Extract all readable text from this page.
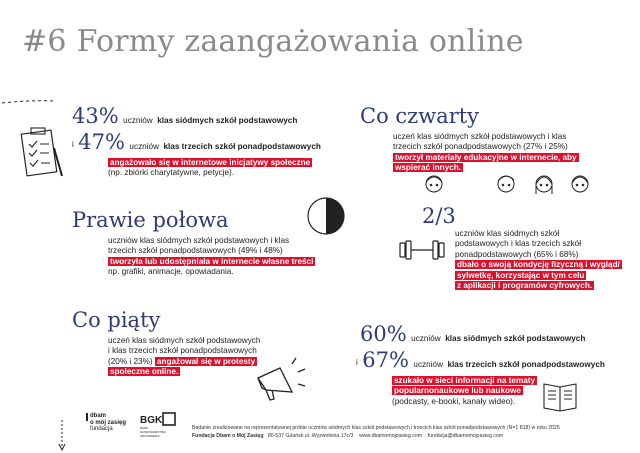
#6 Formy zaangażowania online
43% uczniów klas siódmych szkół podstawowych
i 47% uczniów klas trzecich szkół ponadpodstawowych
angażowało się w internetowe inicjatywy społeczne
(np. zbiórki charytatywne, petycje).
Co czwarty
uczeń klas siódmych szkół podstawowych i klas
trzecich szkół ponadpodstawowych (27% i 25%)
tworzył materiały edukacyjne w internecie, aby
wspierać innych.
Prawie połowa
uczniów klas siódmych szkół podstawowych i klas
trzecich szkół ponadpodstawowych (49% i 48%)
tworzyła lub udostępniała w internecie własne treści
np. grafiki, animacje, opowiadania.
2/3
uczniów klas siódmych szkół
podstawowych i klas trzecich szkół
ponadpodstawowych (65% i 68%)
dbało o swoją kondycję fizyczną i wygląd/
sylwetkę, korzystając w tym celu
z aplikacji i programów cyfrowych.
Co piąty
uczeń klas siódmych szkół podstawowych
i klas trzecich szkół ponadpodstawowych
(20% i 23%) angażował się w protesty
społeczne online.
60% uczniów klas siódmych szkół podstawowych
i 67% uczniów klas trzecich szkół ponadpodstawowych
szukało w sieci informacji na tematy
popularnonaukowe lub naukowe
(podcasty, e-booki, kanały wideo).
dbam
o mój zasięg
fundacja
BGK
BANK GOSPODARSTWA KRAJOWEGO
Badanie zrealizowane na reprezentatywnej próbie uczniów siódmych klas szkół podstawowych i trzecich klas szkół ponadpodstawowych (N=1 818) w roku 2025
Fundacja Dbam o Mój Zasięg 80-537 Gdańsk ul. Wyzwolenia 17c/3 www.dbamomojzasieg.com fundacja@dbamomojzasieg.com
